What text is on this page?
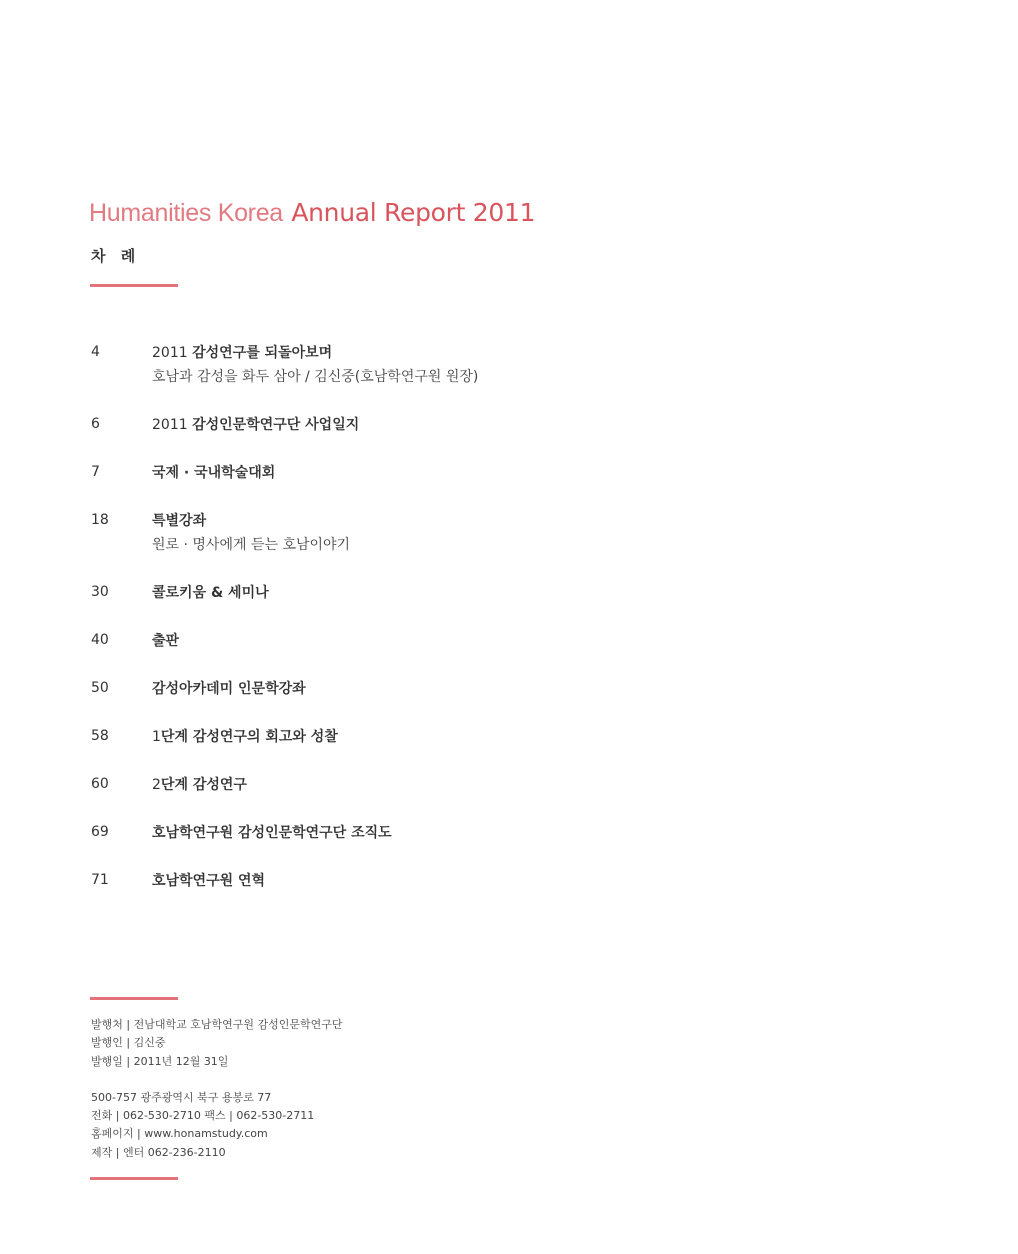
Humanities Korea Annual Report 2011
차 례
4	2011 감성연구를 되돌아보며
호남과 감성을 화두 삼아 / 김신중(호남학연구원 원장)
6	2011 감성인문학연구단 사업일지
7	국제 · 국내학술대회
18	특별강좌
원로 · 명사에게 듣는 호남이야기
30	콜로키움 & 세미나
40	출판
50	감성아카데미 인문학강좌
58	1단계 감성연구의 회고와 성찰
60	2단계 감성연구
69	호남학연구원 감성인문학연구단 조직도
71	호남학연구원 연혁
발행처 | 전남대학교 호남학연구원 감성인문학연구단
발행인 | 김신중
발행일 | 2011년 12월 31일
500-757 광주광역시 북구 용봉로 77
전화 | 062-530-2710 팩스 | 062-530-2711
홈페이지 | www.honamstudy.com
제작 | 엔터 062-236-2110
